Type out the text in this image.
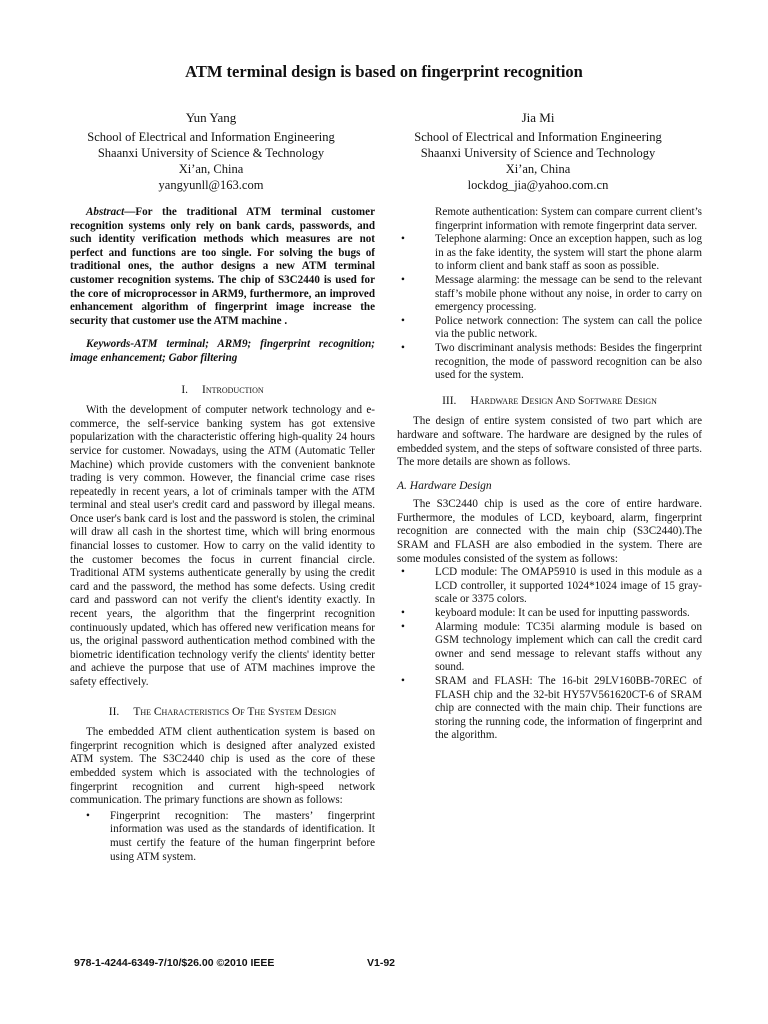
ATM terminal design is based on fingerprint recognition
Yun Yang
School of Electrical and Information Engineering
Shaanxi University of Science & Technology
Xi’an, China
yangyunll@163.com
Jia Mi
School of Electrical and Information Engineering
Shaanxi University of Science and Technology
Xi’an, China
lockdog_jia@yahoo.com.cn

Abstract—For the traditional ATM terminal customer recognition systems only rely on bank cards, passwords, and such identity verification methods which measures are not perfect and functions are too single. For solving the bugs of traditional ones, the author designs a new ATM terminal customer recognition systems. The chip of S3C2440 is used for the core of microprocessor in ARM9, furthermore, an improved enhancement algorithm of fingerprint image increase the security that customer use the ATM machine .

Keywords-ATM terminal; ARM9; fingerprint recognition; image enhancement; Gabor filtering

I. Introduction

With the development of computer network technology and e-commerce, the self-service banking system has got extensive popularization with the characteristic offering high-quality 24 hours service for customer. Nowadays, using the ATM (Automatic Teller Machine) which provide customers with the convenient banknote trading is very common. However, the financial crime case rises repeatedly in recent years, a lot of criminals tamper with the ATM terminal and steal user's credit card and password by illegal means. Once user's bank card is lost and the password is stolen, the criminal will draw all cash in the shortest time, which will bring enormous financial losses to customer. How to carry on the valid identity to the customer becomes the focus in current financial circle. Traditional ATM systems authenticate generally by using the credit card and the password, the method has some defects. Using credit card and password can not verify the client's identity exactly. In recent years, the algorithm that the fingerprint recognition continuously updated, which has offered new verification means for us, the original password authentication method combined with the biometric identification technology verify the clients' identity better and achieve the purpose that use of ATM machines improve the safety effectively.

II. The Characteristics Of The System Design

The embedded ATM client authentication system is based on fingerprint recognition which is designed after analyzed existed ATM system. The S3C2440 chip is used as the core of these embedded system which is associated with the technologies of fingerprint recognition and current high-speed network communication. The primary functions are shown as follows:

• Fingerprint recognition: The masters’ fingerprint information was used as the standards of identification. It must certify the feature of the human fingerprint before using ATM system.
Remote authentication: System can compare current client’s fingerprint information with remote fingerprint data server.
•	Telephone alarming: Once an exception happen, such as log in as the fake identity, the system will start the phone alarm to inform client and bank staff as soon as possible.
•	Message alarming: the message can be send to the relevant staff’s mobile phone without any noise, in order to carry on emergency processing.
•	Police network connection: The system can call the police via the public network.
•	Two discriminant analysis methods: Besides the fingerprint recognition, the mode of password recognition can be also used for the system.
III. Hardware Design And Software Design

The design of entire system consisted of two part which are hardware and software. The hardware are designed by the rules of embedded system, and the steps of software consisted of three parts. The more details are shown as follows.

A. Hardware Design

The S3C2440 chip is used as the core of entire hardware. Furthermore, the modules of LCD, keyboard, alarm, fingerprint recognition are connected with the main chip (S3C2440).The SRAM and FLASH are also embodied in the system. There are some modules consisted of the system as follows:

•	LCD module: The OMAP5910 is used in this module as a LCD controller, it supported 1024*1024 image of 15 gray-scale or 3375 colors.
•	keyboard module: It can be used for inputting passwords.
•	Alarming module: TC35i alarming module is based on GSM technology implement which can call the credit card owner and send message to relevant staffs without any sound.
•	SRAM and FLASH: The 16-bit 29LV160BB-70REC of FLASH chip and the 32-bit HY57V561620CT-6 of SRAM chip are connected with the main chip. Their functions are storing the running code, the information of fingerprint and the algorithm.
978-1-4244-6349-7/10/$26.00 ©2010 IEEE	V1-92
